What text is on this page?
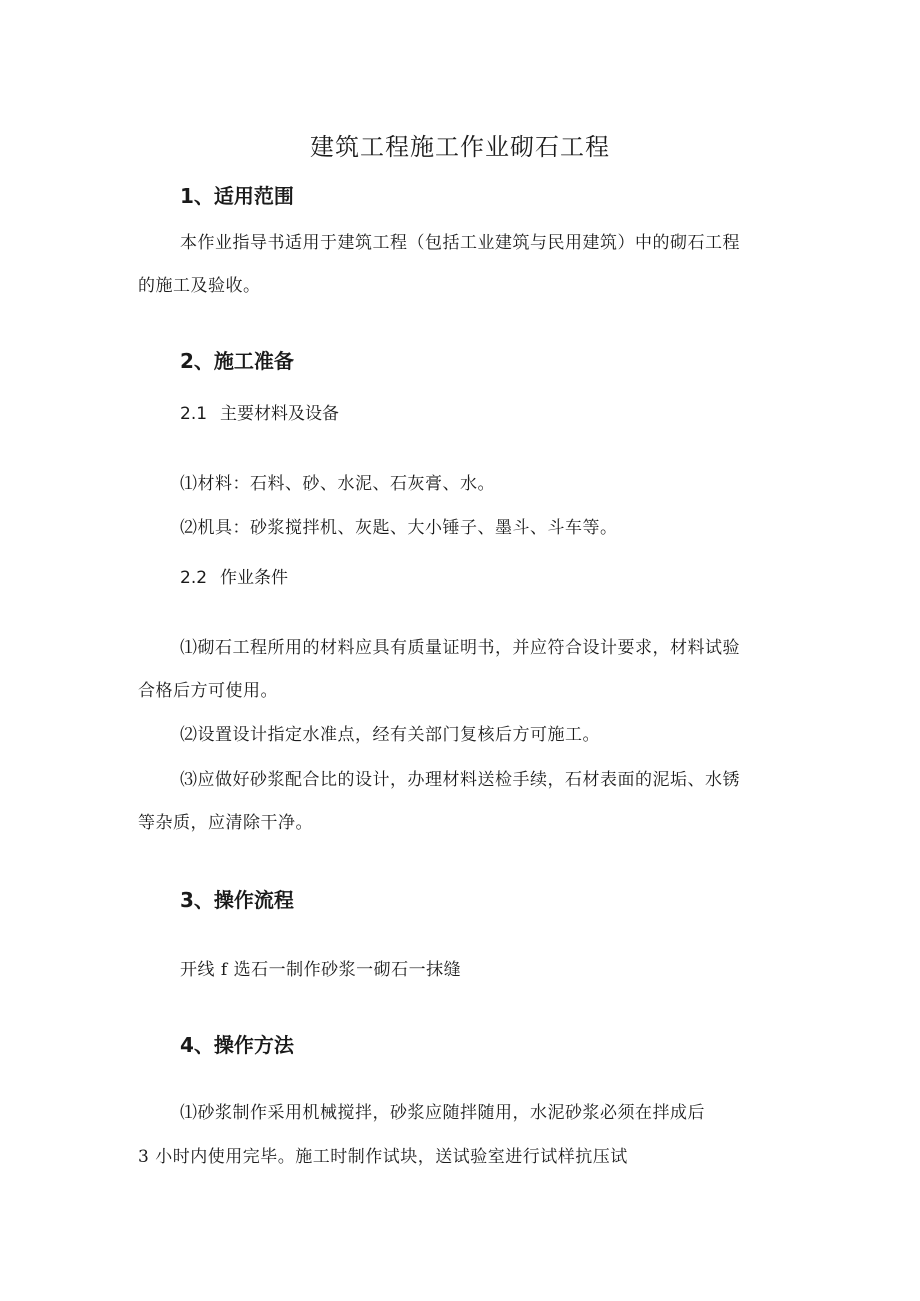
建筑工程施工作业砌石工程
1、适用范围
本作业指导书适用于建筑工程（包括工业建筑与民用建筑）中的砌石工程
的施工及验收。
2、施工准备
2.1 主要材料及设备
⑴材料：石料、砂、水泥、石灰膏、水。
⑵机具：砂浆搅拌机、灰匙、大小锤子、墨斗、斗车等。
2.2 作业条件
⑴砌石工程所用的材料应具有质量证明书，并应符合设计要求，材料试验
合格后方可使用。
⑵设置设计指定水准点，经有关部门复核后方可施工。
⑶应做好砂浆配合比的设计，办理材料送检手续，石材表面的泥垢、水锈
等杂质，应清除干净。
3、操作流程
开线 f 选石一制作砂浆一砌石一抹缝
4、操作方法
⑴砂浆制作采用机械搅拌，砂浆应随拌随用，水泥砂浆必须在拌成后
3 小时内使用完毕。施工时制作试块，送试验室进行试样抗压试
